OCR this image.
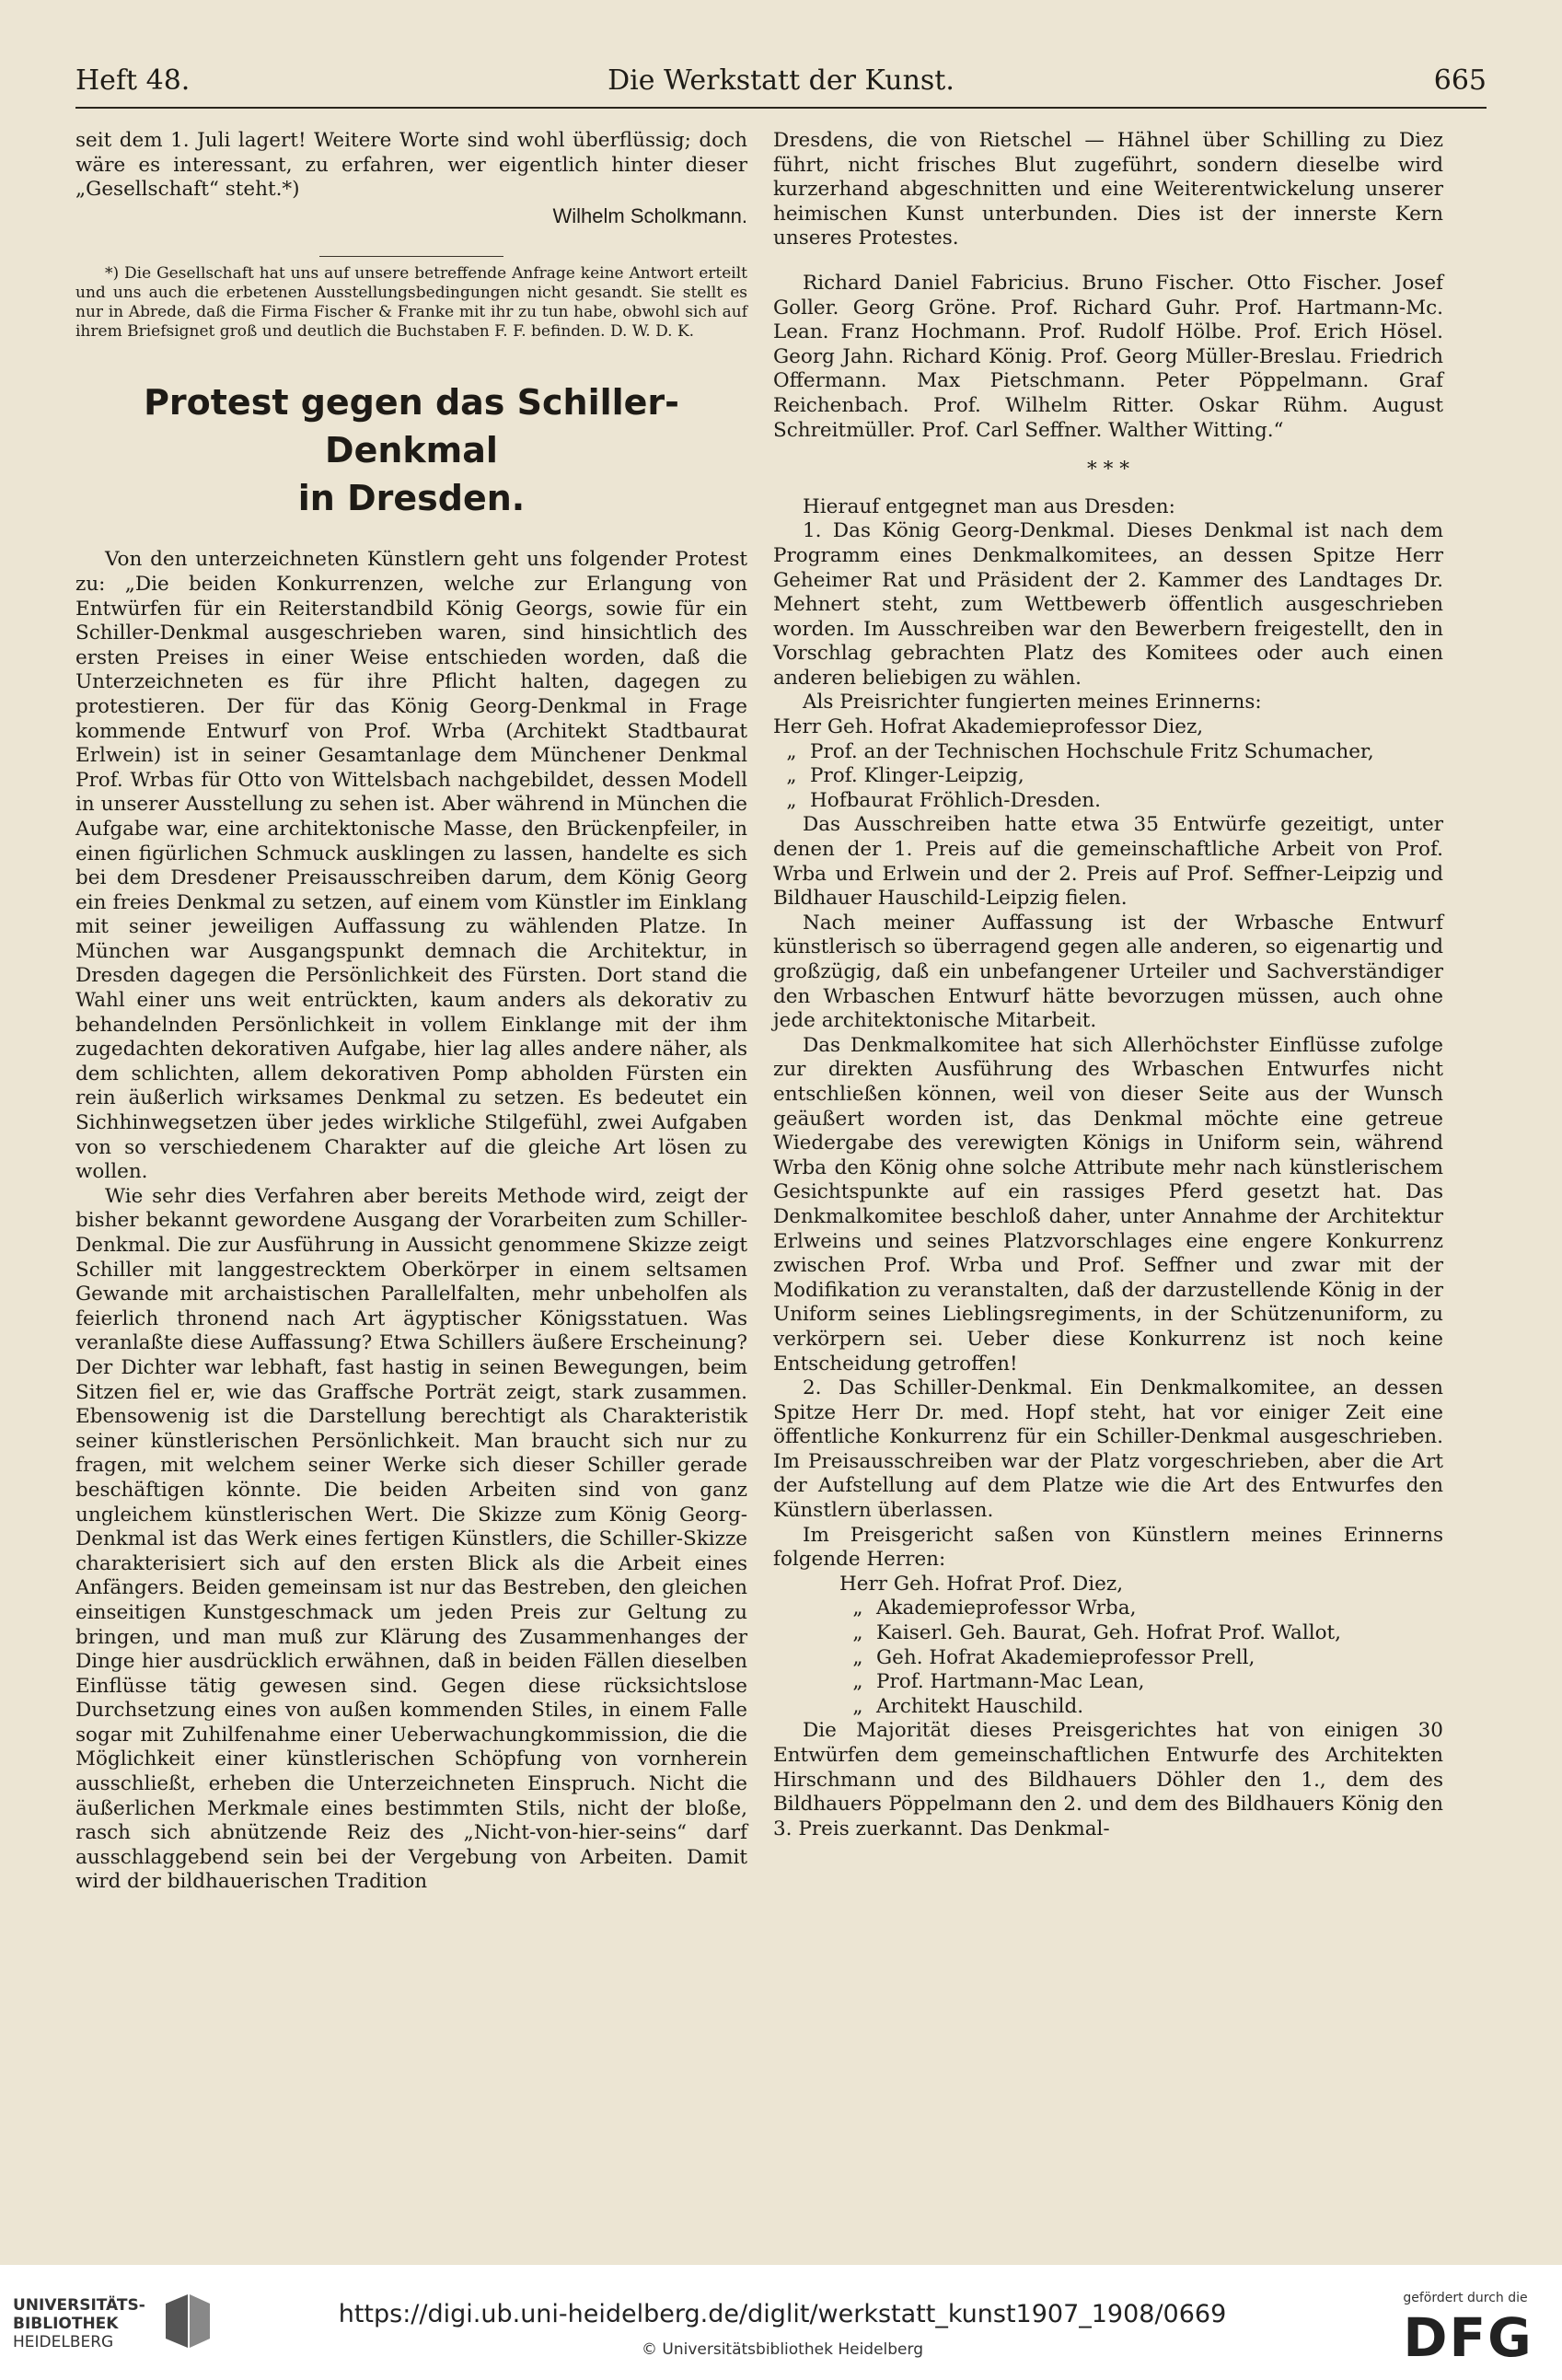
Heft 48.	Die Werkstatt der Kunst.	665

seit dem 1. Juli lagert! Weitere Worte sind wohl überflüssig; doch wäre es interessant, zu erfahren, wer eigentlich hinter dieser „Gesellschaft“ steht.*)

Wilhelm Scholkmann.

*) Die Gesellschaft hat uns auf unsere betreffende Anfrage keine Antwort erteilt und uns auch die erbetenen Ausstellungsbedingungen nicht gesandt. Sie stellt es nur in Abrede, daß die Firma Fischer & Franke mit ihr zu tun habe, obwohl sich auf ihrem Briefsignet groß und deutlich die Buchstaben F. F. befinden. D. W. D. K.

Protest gegen das Schiller-Denkmal
in Dresden.

Von den unterzeichneten Künstlern geht uns folgender Protest zu: „Die beiden Konkurrenzen, welche zur Erlangung von Entwürfen für ein Reiterstandbild König Georgs, sowie für ein Schiller-Denkmal ausgeschrieben waren, sind hinsichtlich des ersten Preises in einer Weise entschieden worden, daß die Unterzeichneten es für ihre Pflicht halten, dagegen zu protestieren. Der für das König Georg-Denkmal in Frage kommende Entwurf von Prof. Wrba (Architekt Stadtbaurat Erlwein) ist in seiner Gesamtanlage dem Münchener Denkmal Prof. Wrbas für Otto von Wittelsbach nachgebildet, dessen Modell in unserer Ausstellung zu sehen ist. Aber während in München die Aufgabe war, eine architektonische Masse, den Brückenpfeiler, in einen figürlichen Schmuck ausklingen zu lassen, handelte es sich bei dem Dresdener Preisausschreiben darum, dem König Georg ein freies Denkmal zu setzen, auf einem vom Künstler im Einklang mit seiner jeweiligen Auffassung zu wählenden Platze. In München war Ausgangspunkt demnach die Architektur, in Dresden dagegen die Persönlichkeit des Fürsten. Dort stand die Wahl einer uns weit entrückten, kaum anders als dekorativ zu behandelnden Persönlichkeit in vollem Einklange mit der ihm zugedachten dekorativen Aufgabe, hier lag alles andere näher, als dem schlichten, allem dekorativen Pomp abholden Fürsten ein rein äußerlich wirksames Denkmal zu setzen. Es bedeutet ein Sichhinwegsetzen über jedes wirkliche Stilgefühl, zwei Aufgaben von so verschiedenem Charakter auf die gleiche Art lösen zu wollen.

Wie sehr dies Verfahren aber bereits Methode wird, zeigt der bisher bekannt gewordene Ausgang der Vorarbeiten zum Schiller-Denkmal. Die zur Ausführung in Aussicht genommene Skizze zeigt Schiller mit langgestrecktem Oberkörper in einem seltsamen Gewande mit archaistischen Parallelfalten, mehr unbeholfen als feierlich thronend nach Art ägyptischer Königsstatuen. Was veranlaßte diese Auffassung? Etwa Schillers äußere Erscheinung? Der Dichter war lebhaft, fast hastig in seinen Bewegungen, beim Sitzen fiel er, wie das Graffsche Porträt zeigt, stark zusammen. Ebensowenig ist die Darstellung berechtigt als Charakteristik seiner künstlerischen Persönlichkeit. Man braucht sich nur zu fragen, mit welchem seiner Werke sich dieser Schiller gerade beschäftigen könnte. Die beiden Arbeiten sind von ganz ungleichem künstlerischen Wert. Die Skizze zum König Georg-Denkmal ist das Werk eines fertigen Künstlers, die Schiller-Skizze charakterisiert sich auf den ersten Blick als die Arbeit eines Anfängers. Beiden gemeinsam ist nur das Bestreben, den gleichen einseitigen Kunstgeschmack um jeden Preis zur Geltung zu bringen, und man muß zur Klärung des Zusammenhanges der Dinge hier ausdrücklich erwähnen, daß in beiden Fällen dieselben Einflüsse tätig gewesen sind. Gegen diese rücksichtslose Durchsetzung eines von außen kommenden Stiles, in einem Falle sogar mit Zuhilfenahme einer Ueberwachungkommission, die die Möglichkeit einer künstlerischen Schöpfung von vornherein ausschließt, erheben die Unterzeichneten Einspruch. Nicht die äußerlichen Merkmale eines bestimmten Stils, nicht der bloße, rasch sich abnützende Reiz des „Nicht-von-hier-seins“ darf ausschlaggebend sein bei der Vergebung von Arbeiten. Damit wird der bildhauerischen Tradition

Dresdens, die von Rietschel — Hähnel über Schilling zu Diez führt, nicht frisches Blut zugeführt, sondern dieselbe wird kurzerhand abgeschnitten und eine Weiterentwickelung unserer heimischen Kunst unterbunden. Dies ist der innerste Kern unseres Protestes.

Richard Daniel Fabricius. Bruno Fischer. Otto Fischer. Josef Goller. Georg Gröne. Prof. Richard Guhr. Prof. Hartmann-Mc. Lean. Franz Hochmann. Prof. Rudolf Hölbe. Prof. Erich Hösel. Georg Jahn. Richard König. Prof. Georg Müller-Breslau. Friedrich Offermann. Max Pietschmann. Peter Pöppelmann. Graf Reichenbach. Prof. Wilhelm Ritter. Oskar Rühm. August Schreitmüller. Prof. Carl Seffner. Walther Witting.“

* * *

Hierauf entgegnet man aus Dresden:

1. Das König Georg-Denkmal. Dieses Denkmal ist nach dem Programm eines Denkmalkomitees, an dessen Spitze Herr Geheimer Rat und Präsident der 2. Kammer des Landtages Dr. Mehnert steht, zum Wettbewerb öffentlich ausgeschrieben worden. Im Ausschreiben war den Bewerbern freigestellt, den in Vorschlag gebrachten Platz des Komitees oder auch einen anderen beliebigen zu wählen.

Als Preisrichter fungierten meines Erinnerns:

Herr Geh. Hofrat Akademieprofessor Diez,

„ Prof. an der Technischen Hochschule Fritz Schumacher,

„ Prof. Klinger-Leipzig,

„ Hofbaurat Fröhlich-Dresden.

Das Ausschreiben hatte etwa 35 Entwürfe gezeitigt, unter denen der 1. Preis auf die gemeinschaftliche Arbeit von Prof. Wrba und Erlwein und der 2. Preis auf Prof. Seffner-Leipzig und Bildhauer Hauschild-Leipzig fielen.

Nach meiner Auffassung ist der Wrbasche Entwurf künstlerisch so überragend gegen alle anderen, so eigenartig und großzügig, daß ein unbefangener Urteiler und Sachverständiger den Wrbaschen Entwurf hätte bevorzugen müssen, auch ohne jede architektonische Mitarbeit.

Das Denkmalkomitee hat sich Allerhöchster Einflüsse zufolge zur direkten Ausführung des Wrbaschen Entwurfes nicht entschließen können, weil von dieser Seite aus der Wunsch geäußert worden ist, das Denkmal möchte eine getreue Wiedergabe des verewigten Königs in Uniform sein, während Wrba den König ohne solche Attribute mehr nach künstlerischem Gesichtspunkte auf ein rassiges Pferd gesetzt hat. Das Denkmalkomitee beschloß daher, unter Annahme der Architektur Erlweins und seines Platzvorschlages eine engere Konkurrenz zwischen Prof. Wrba und Prof. Seffner und zwar mit der Modifikation zu veranstalten, daß der darzustellende König in der Uniform seines Lieblingsregiments, in der Schützenuniform, zu verkörpern sei. Ueber diese Konkurrenz ist noch keine Entscheidung getroffen!

2. Das Schiller-Denkmal. Ein Denkmalkomitee, an dessen Spitze Herr Dr. med. Hopf steht, hat vor einiger Zeit eine öffentliche Konkurrenz für ein Schiller-Denkmal ausgeschrieben. Im Preisausschreiben war der Platz vorgeschrieben, aber die Art der Aufstellung auf dem Platze wie die Art des Entwurfes den Künstlern überlassen.

Im Preisgericht saßen von Künstlern meines Erinnerns folgende Herren:

Herr Geh. Hofrat Prof. Diez,

„ Akademieprofessor Wrba,

„ Kaiserl. Geh. Baurat, Geh. Hofrat Prof. Wallot,

„ Geh. Hofrat Akademieprofessor Prell,

„ Prof. Hartmann-Mac Lean,

„ Architekt Hauschild.

Die Majorität dieses Preisgerichtes hat von einigen 30 Entwürfen dem gemeinschaftlichen Entwurfe des Architekten Hirschmann und des Bildhauers Döhler den 1., dem des Bildhauers Pöppelmann den 2. und dem des Bildhauers König den 3. Preis zuerkannt. Das Denkmal-

UNIVERSITÄTS-
BIBLIOTHEK
HEIDELBERG
https://digi.ub.uni-heidelberg.de/diglit/werkstatt_kunst1907_1908/0669
© Universitätsbibliothek Heidelberg
gefördert durch die
DFG
